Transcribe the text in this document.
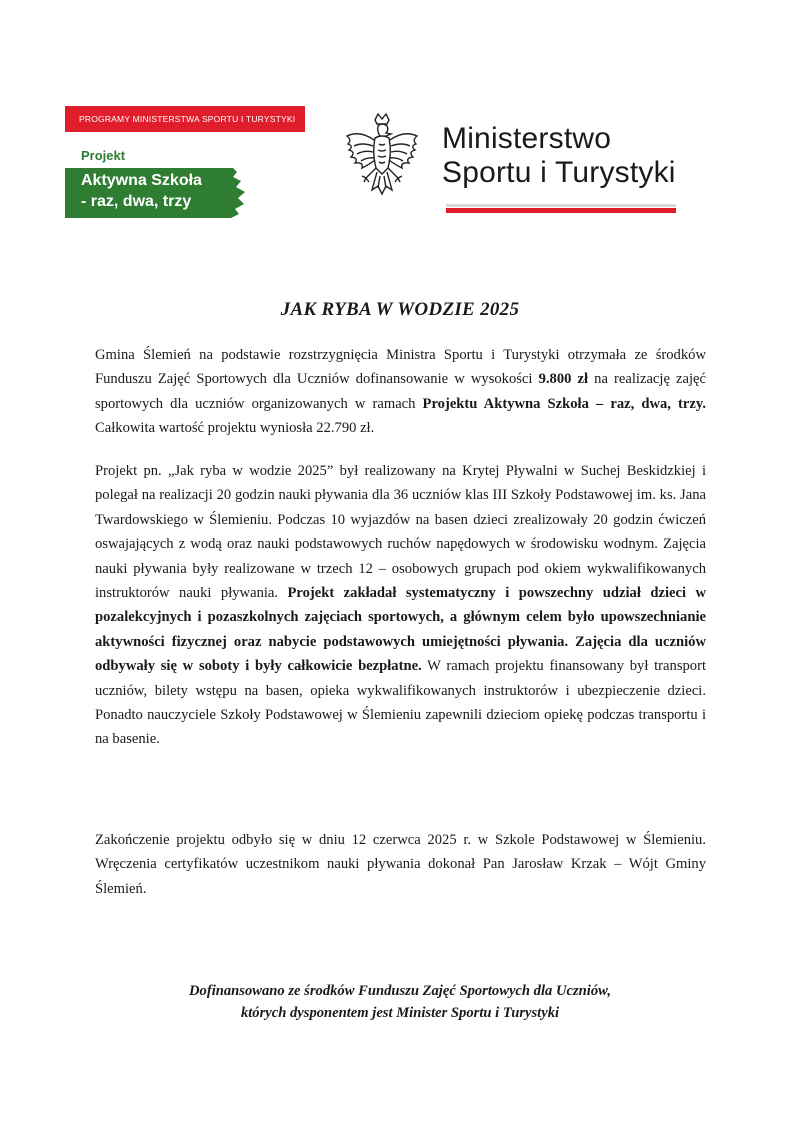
PROGRAMY MINISTERSTWA SPORTU I TURYSTYKI
Projekt
Aktywna Szkoła
- raz, dwa, trzy
Ministerstwo
Sportu i Turystyki
JAK RYBA W WODZIE 2025
Gmina Ślemień na podstawie rozstrzygnięcia Ministra Sportu i Turystyki otrzymała ze środków Funduszu Zajęć Sportowych dla Uczniów dofinansowanie w wysokości 9.800 zł na realizację zajęć sportowych dla uczniów organizowanych w ramach Projektu Aktywna Szkoła – raz, dwa, trzy. Całkowita wartość projektu wyniosła 22.790 zł.
Projekt pn. „Jak ryba w wodzie 2025” był realizowany na Krytej Pływalni w Suchej Beskidzkiej i polegał na realizacji 20 godzin nauki pływania dla 36 uczniów klas III Szkoły Podstawowej im. ks. Jana Twardowskiego w Ślemieniu. Podczas 10 wyjazdów na basen dzieci zrealizowały 20 godzin ćwiczeń oswajających z wodą oraz nauki podstawowych ruchów napędowych w środowisku wodnym. Zajęcia nauki pływania były realizowane w trzech 12 – osobowych grupach pod okiem wykwalifikowanych instruktorów nauki pływania. Projekt zakładał systematyczny i powszechny udział dzieci w pozalekcyjnych i pozaszkolnych zajęciach sportowych, a głównym celem było upowszechnianie aktywności fizycznej oraz nabycie podstawowych umiejętności pływania. Zajęcia dla uczniów odbywały się w soboty i były całkowicie bezpłatne. W ramach projektu finansowany był transport uczniów, bilety wstępu na basen, opieka wykwalifikowanych instruktorów i ubezpieczenie dzieci. Ponadto nauczyciele Szkoły Podstawowej w Ślemieniu zapewnili dzieciom opiekę podczas transportu i na basenie.
Zakończenie projektu odbyło się w dniu 12 czerwca 2025 r. w Szkole Podstawowej w Ślemieniu. Wręczenia certyfikatów uczestnikom nauki pływania dokonał Pan Jarosław Krzak – Wójt Gminy Ślemień.
Dofinansowano ze środków Funduszu Zajęć Sportowych dla Uczniów,
których dysponentem jest Minister Sportu i Turystyki
